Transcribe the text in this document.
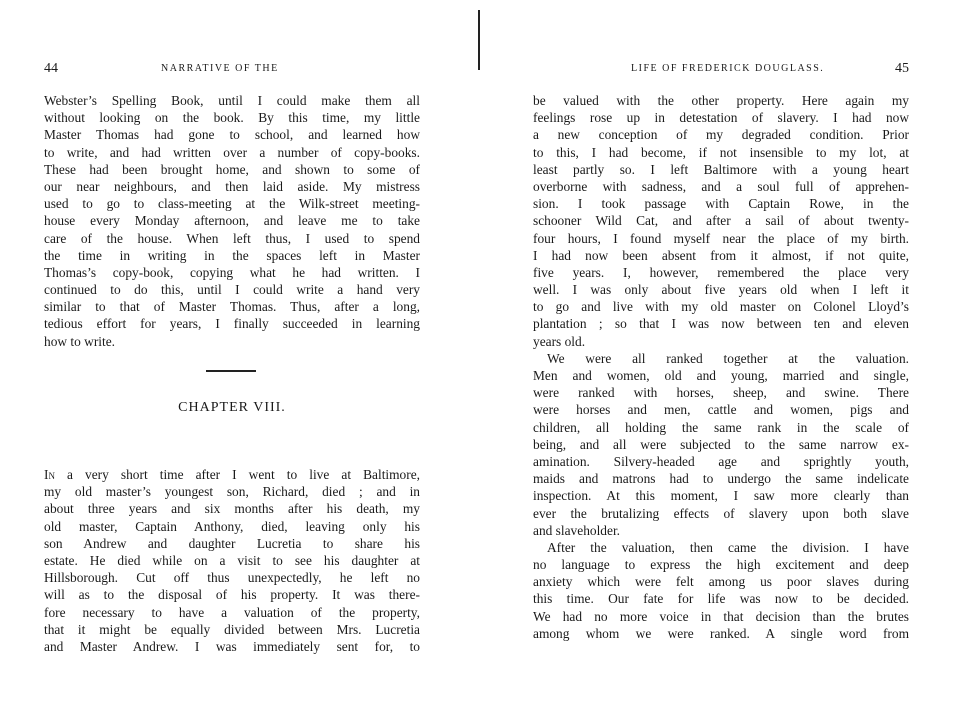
44	NARRATIVE OF THE
Webster’s Spelling Book, until I could make them all
without looking on the book. By this time, my little
Master Thomas had gone to school, and learned how
to write, and had written over a number of copy-books.
These had been brought home, and shown to some of
our near neighbours, and then laid aside. My mistress
used to go to class-meeting at the Wilk-street meeting-
house every Monday afternoon, and leave me to take
care of the house. When left thus, I used to spend
the time in writing in the spaces left in Master
Thomas’s copy-book, copying what he had written. I
continued to do this, until I could write a hand very
similar to that of Master Thomas. Thus, after a long,
tedious effort for years, I finally succeeded in learning
how to write.
CHAPTER VIII.
In a very short time after I went to live at Baltimore,
my old master’s youngest son, Richard, died ; and in
about three years and six months after his death, my
old master, Captain Anthony, died, leaving only his
son Andrew and daughter Lucretia to share his
estate. He died while on a visit to see his daughter at
Hillsborough. Cut off thus unexpectedly, he left no
will as to the disposal of his property. It was there-
fore necessary to have a valuation of the property,
that it might be equally divided between Mrs. Lucretia
and Master Andrew. I was immediately sent for, to
LIFE OF FREDERICK DOUGLASS.	45
be valued with the other property. Here again my
feelings rose up in detestation of slavery. I had now
a new conception of my degraded condition. Prior
to this, I had become, if not insensible to my lot, at
least partly so. I left Baltimore with a young heart
overborne with sadness, and a soul full of apprehen-
sion. I took passage with Captain Rowe, in the
schooner Wild Cat, and after a sail of about twenty-
four hours, I found myself near the place of my birth.
I had now been absent from it almost, if not quite,
five years. I, however, remembered the place very
well. I was only about five years old when I left it
to go and live with my old master on Colonel Lloyd’s
plantation ; so that I was now between ten and eleven
years old.
We were all ranked together at the valuation.
Men and women, old and young, married and single,
were ranked with horses, sheep, and swine. There
were horses and men, cattle and women, pigs and
children, all holding the same rank in the scale of
being, and all were subjected to the same narrow ex-
amination. Silvery-headed age and sprightly youth,
maids and matrons had to undergo the same indelicate
inspection. At this moment, I saw more clearly than
ever the brutalizing effects of slavery upon both slave
and slaveholder.
After the valuation, then came the division. I have
no language to express the high excitement and deep
anxiety which were felt among us poor slaves during
this time. Our fate for life was now to be decided.
We had no more voice in that decision than the brutes
among whom we were ranked. A single word from
